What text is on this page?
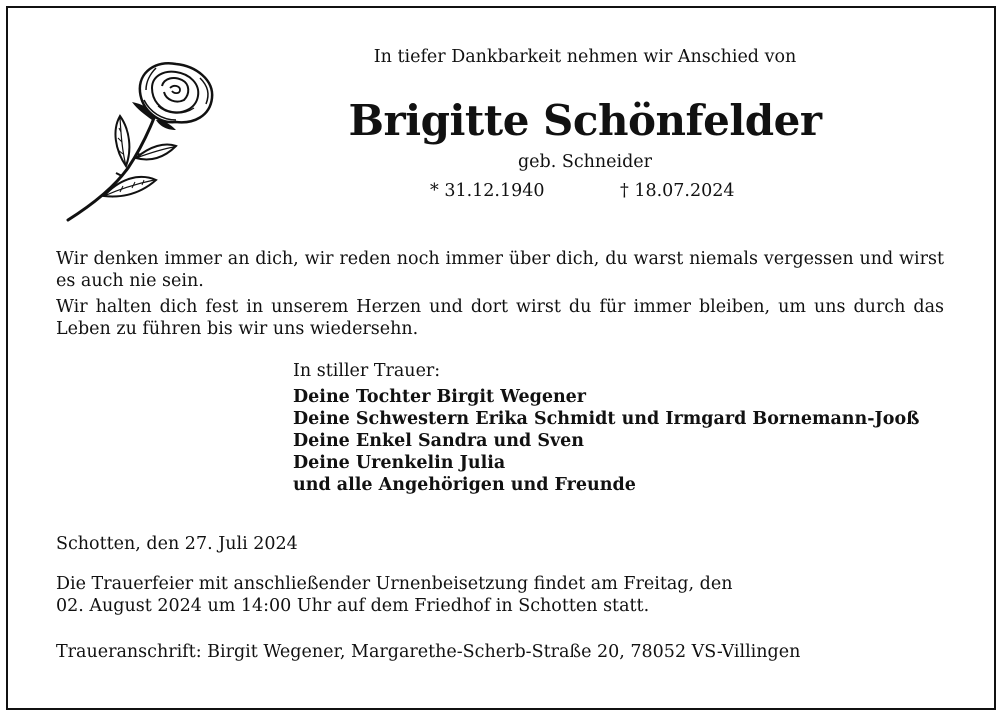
In tiefer Dankbarkeit nehmen wir Anschied von
Brigitte Schönfelder
geb. Schneider
* 31.12.1940	† 18.07.2024
Wir denken immer an dich, wir reden noch immer über dich, du warst niemals vergessen und wirst es auch nie sein.
Wir halten dich fest in unserem Herzen und dort wirst du für immer bleiben, um uns durch das Leben zu führen bis wir uns wiedersehn.
In stiller Trauer:
Deine Tochter Birgit Wegener
Deine Schwestern Erika Schmidt und Irmgard Bornemann-Jooß
Deine Enkel Sandra und Sven
Deine Urenkelin Julia
und alle Angehörigen und Freunde
Schotten, den 27. Juli 2024
Die Trauerfeier mit anschließender Urnenbeisetzung findet am Freitag, den
02. August 2024 um 14:00 Uhr auf dem Friedhof in Schotten statt.
Traueranschrift: Birgit Wegener, Margarethe-Scherb-Straße 20, 78052 VS-Villingen
